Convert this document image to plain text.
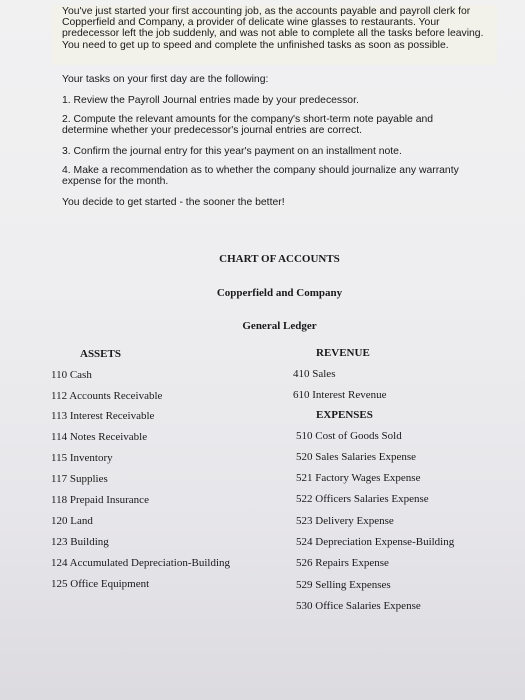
You've just started your first accounting job, as the accounts payable and payroll clerk for Copperfield and Company, a provider of delicate wine glasses to restaurants. Your predecessor left the job suddenly, and was not able to complete all the tasks before leaving. You need to get up to speed and complete the unfinished tasks as soon as possible.

Your tasks on your first day are the following:
1. Review the Payroll Journal entries made by your predecessor.
2. Compute the relevant amounts for the company's short-term note payable and
determine whether your predecessor's journal entries are correct.
3. Confirm the journal entry for this year's payment on an installment note.
4. Make a recommendation as to whether the company should journalize any warranty
expense for the month.
You decide to get started - the sooner the better!
CHART OF ACCOUNTS
Copperfield and Company
General Ledger
ASSETS	REVENUE
110 Cash
112 Accounts Receivable
113 Interest Receivable
114 Notes Receivable
115 Inventory
117 Supplies
118 Prepaid Insurance
120 Land
123 Building
124 Accumulated Depreciation-Building
125 Office Equipment
410 Sales
610 Interest Revenue
EXPENSES
510 Cost of Goods Sold
520 Sales Salaries Expense
521 Factory Wages Expense
522 Officers Salaries Expense
523 Delivery Expense
524 Depreciation Expense-Building
526 Repairs Expense
529 Selling Expenses
530 Office Salaries Expense
